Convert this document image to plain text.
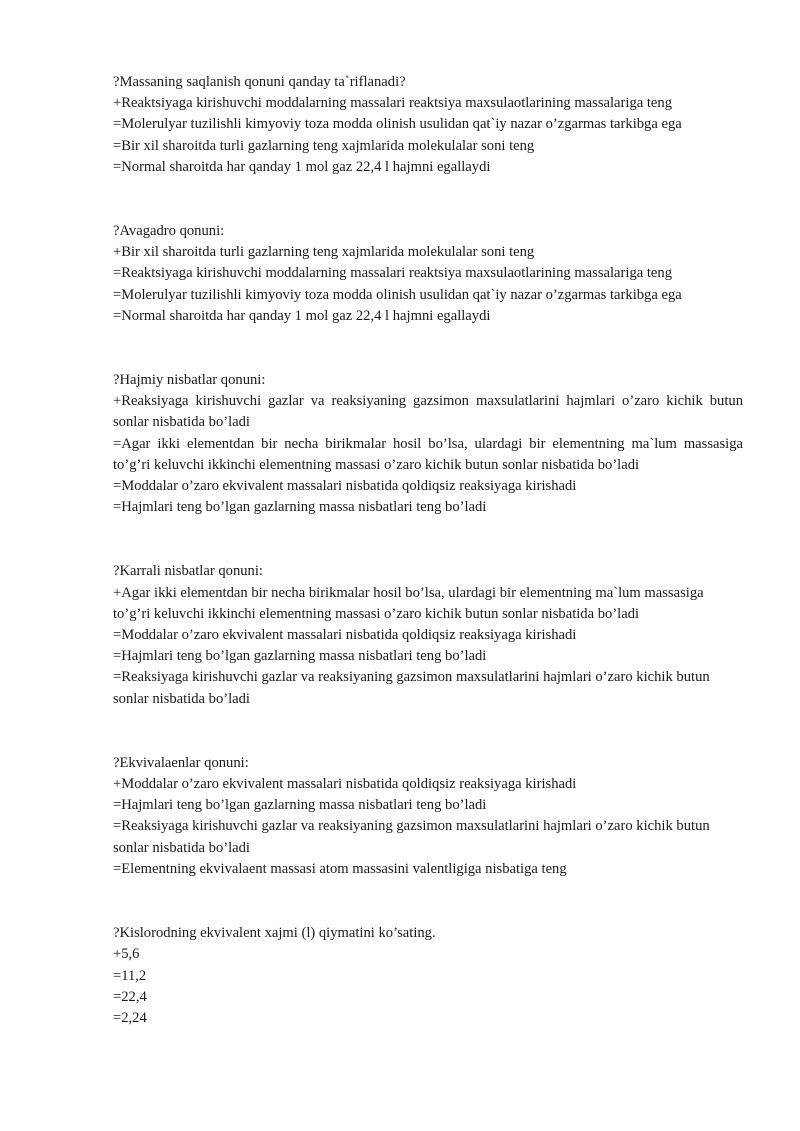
?Massaning saqlanish qonuni qanday ta`riflanadi?
+Reaktsiyaga kirishuvchi moddalarning massalari reaktsiya maxsulaotlarining massalariga teng
=Molerulyar tuzilishli kimyoviy toza modda olinish usulidan qat`iy nazar o’zgarmas tarkibga ega
=Bir xil sharoitda turli gazlarning teng xajmlarida molekulalar soni teng
=Normal sharoitda har qanday 1 mol gaz 22,4 l hajmni egallaydi
?Avagadro qonuni:
+Bir xil sharoitda turli gazlarning teng xajmlarida molekulalar soni teng
=Reaktsiyaga kirishuvchi moddalarning massalari reaktsiya maxsulaotlarining massalariga teng
=Molerulyar tuzilishli kimyoviy toza modda olinish usulidan qat`iy nazar o’zgarmas tarkibga ega
=Normal sharoitda har qanday 1 mol gaz 22,4 l hajmni egallaydi
?Hajmiy nisbatlar qonuni:
+Reaksiyaga kirishuvchi gazlar va reaksiyaning gazsimon maxsulatlarini hajmlari o’zaro kichik butun sonlar nisbatida bo’ladi
=Agar ikki elementdan bir necha birikmalar hosil bo’lsa, ulardagi bir elementning ma`lum massasiga to’g’ri keluvchi ikkinchi elementning massasi o’zaro kichik butun sonlar nisbatida bo’ladi
=Moddalar o’zaro ekvivalent massalari nisbatida qoldiqsiz reaksiyaga kirishadi
=Hajmlari teng bo’lgan gazlarning massa nisbatlari teng bo’ladi
?Karrali nisbatlar qonuni:
+Agar ikki elementdan bir necha birikmalar hosil bo’lsa, ulardagi bir elementning ma`lum massasiga to’g’ri keluvchi ikkinchi elementning massasi o’zaro kichik butun sonlar nisbatida bo’ladi
=Moddalar o’zaro ekvivalent massalari nisbatida qoldiqsiz reaksiyaga kirishadi
=Hajmlari teng bo’lgan gazlarning massa nisbatlari teng bo’ladi
=Reaksiyaga kirishuvchi gazlar va reaksiyaning gazsimon maxsulatlarini hajmlari o’zaro kichik butun sonlar nisbatida bo’ladi
?Ekvivalaenlar qonuni:
+Moddalar o’zaro ekvivalent massalari nisbatida qoldiqsiz reaksiyaga kirishadi
=Hajmlari teng bo’lgan gazlarning massa nisbatlari teng bo’ladi
=Reaksiyaga kirishuvchi gazlar va reaksiyaning gazsimon maxsulatlarini hajmlari o’zaro kichik butun sonlar nisbatida bo’ladi
=Elementning ekvivalaent massasi atom massasini valentligiga nisbatiga teng
?Kislorodning ekvivalent xajmi (l) qiymatini ko’sating.
+5,6
=11,2
=22,4
=2,24
